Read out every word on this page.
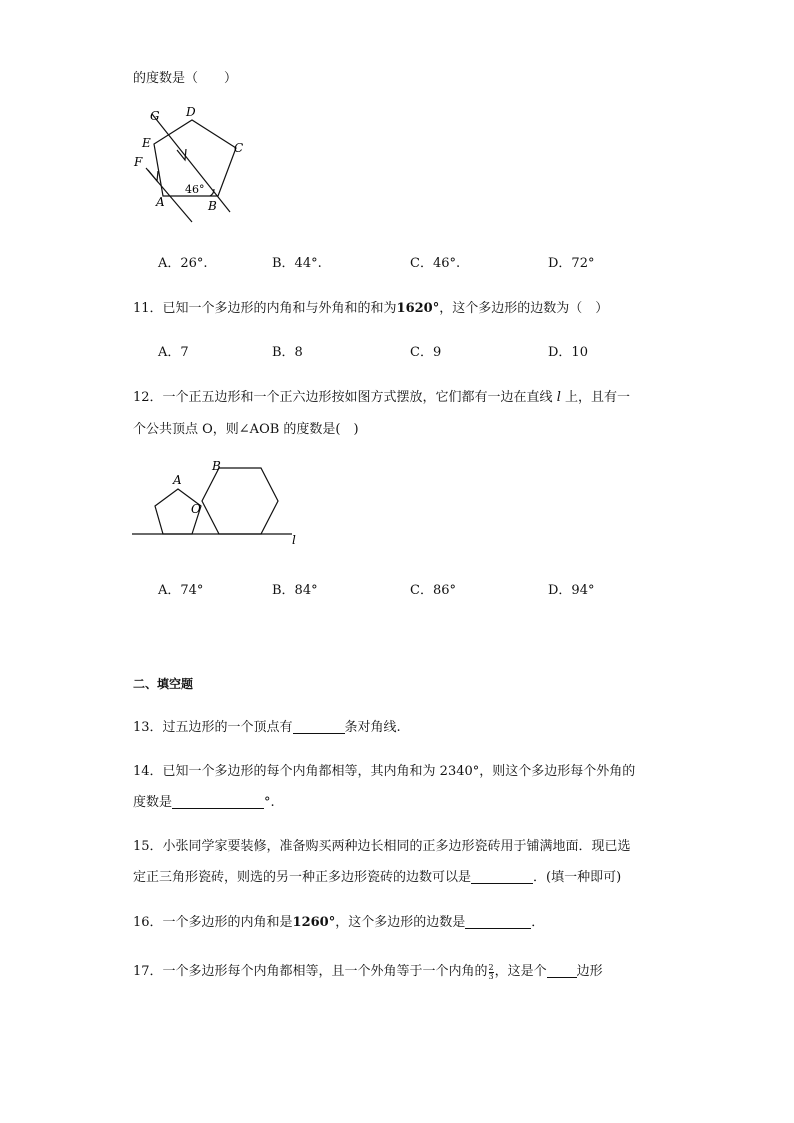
的度数是（　　）
G D
E	C
F
A	B
46°
A．26°.	B．44°.	C．46°.	D．72°
11．已知一个多边形的内角和与外角和的和为1620°，这个多边形的边数为（　）
A．7	B．8	C．9	D．10
12．一个正五边形和一个正六边形按如图方式摆放，它们都有一边在直线 l 上，且有一
个公共顶点 O，则∠AOB 的度数是(　)
A
B
O
l
A．74°	B．84°	C．86°	D．94°
二、填空题
13．过五边形的一个顶点有	条对角线.
14．已知一个多边形的每个内角都相等，其内角和为 2340°，则这个多边形每个外角的
度数是	°.
15．小张同学家要装修，准备购买两种边长相同的正多边形瓷砖用于铺满地面．现已选
定正三角形瓷砖，则选的另一种正多边形瓷砖的边数可以是	．(填一种即可)
16．一个多边形的内角和是1260°，这个多边形的边数是	．
17．一个多边形每个内角都相等，且一个外角等于一个内角的 $\frac{2}{3}$ ，这是个 边形
